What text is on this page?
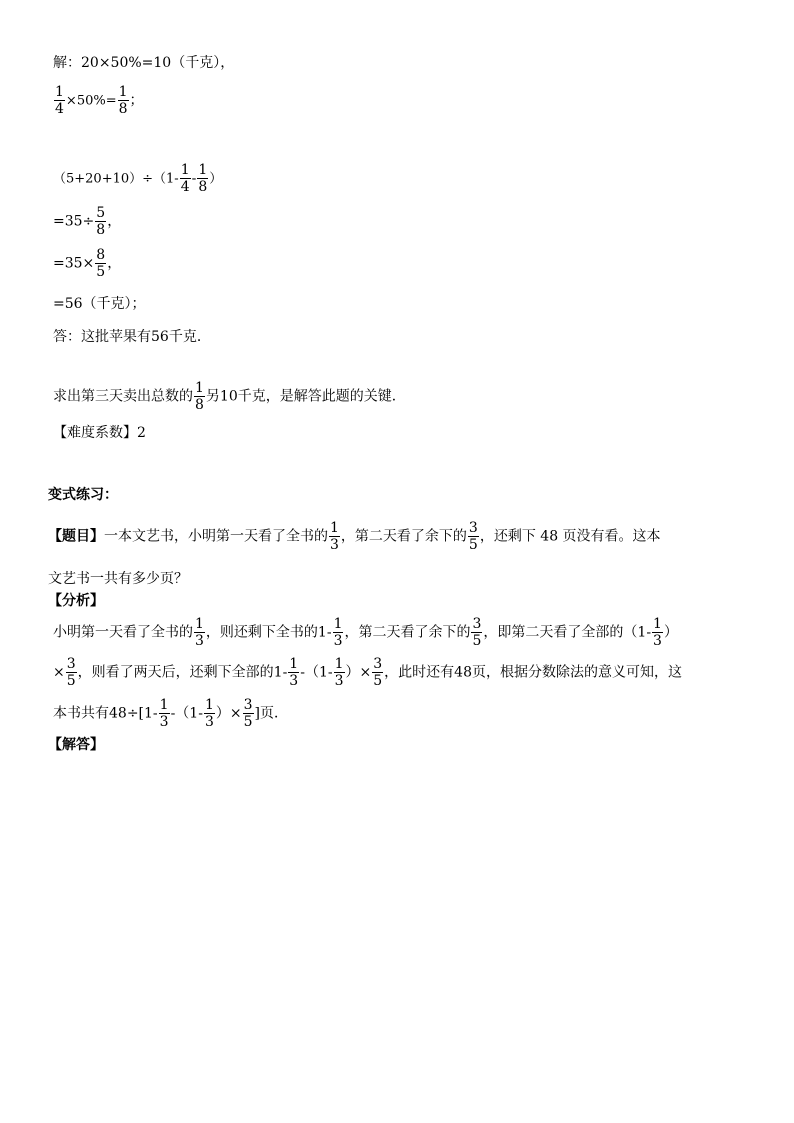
解：20×50%=10（千克），
$\frac{1}{4} \times 50\%= \frac{1}{8}$ ；
$(5+20+10)\div(1- \frac{1}{4} - \frac{1}{8}$ ）
$=35\div \frac{5}{8}$ ，
$=35\times \frac{8}{5}$ ，
=56（千克）；
答：这批苹果有56千克．
求出第三天卖出总数的 $\frac{1}{8}$ 另10千克，是解答此题的关键．
【难度系数】2
变式练习：
【题目】一本文艺书，小明第一天看了全书的 $\frac{1}{3}$ ，第二天看了余下的 $\frac{3}{5}$ ，还剩下 48 页没有看。这本
文艺书一共有多少页？
【分析】
小明第一天看了全书的 $\frac{1}{3}$ ，则还剩下全书的$1- \frac{1}{3}$ ，第二天看了余下的 $\frac{3}{5}$ ，即第二天看了全部的（$1- \frac{1}{3}$ ）
× $\frac{3}{5}$ ，则看了两天后，还剩下全部的$1- \frac{1}{3} -(1- \frac{1}{3}$ ）× $\frac{3}{5}$ ，此时还有48页，根据分数除法的意义可知，这
本书共有$48\div[1- \frac{1}{3} -(1- \frac{1}{3}$ ）× $\frac{3}{5}$ ]页．
【解答】
